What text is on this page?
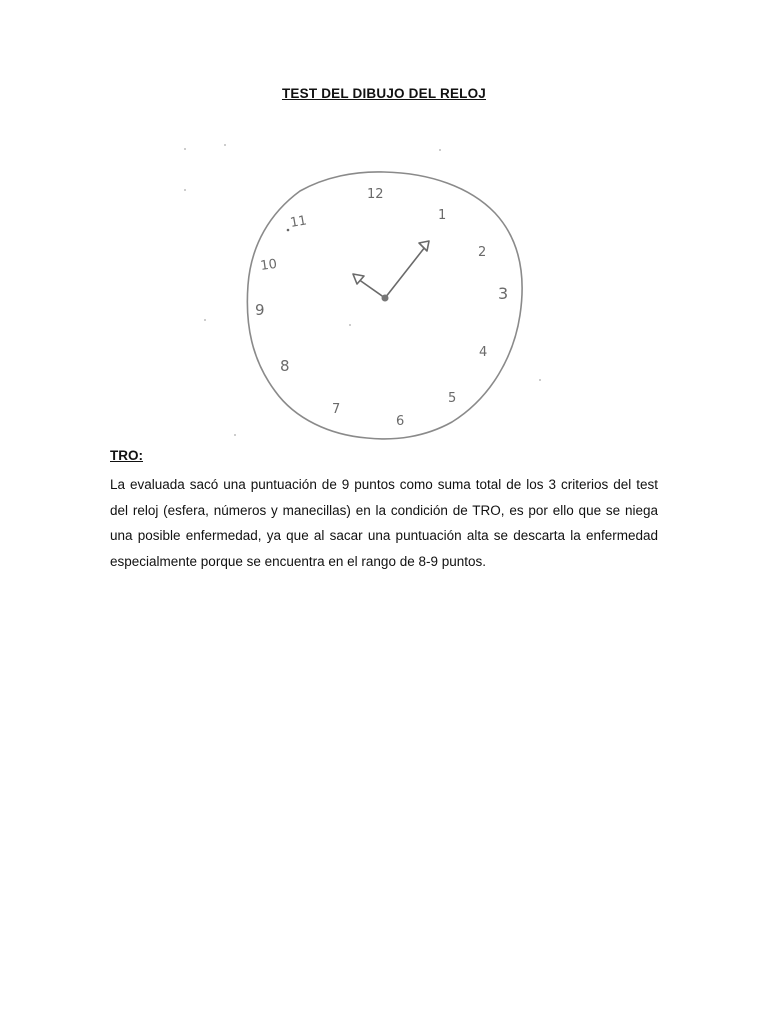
TEST DEL DIBUJO DEL RELOJ
12
1
2
3
4
5
6
7
8
9
10
11
TRO:
La evaluada sacó una puntuación de 9 puntos como suma total de los 3 criterios del test del reloj (esfera, números y manecillas) en la condición de TRO, es por ello que se niega una posible enfermedad, ya que al sacar una puntuación alta se descarta la enfermedad especialmente porque se encuentra en el rango de 8-9 puntos.
